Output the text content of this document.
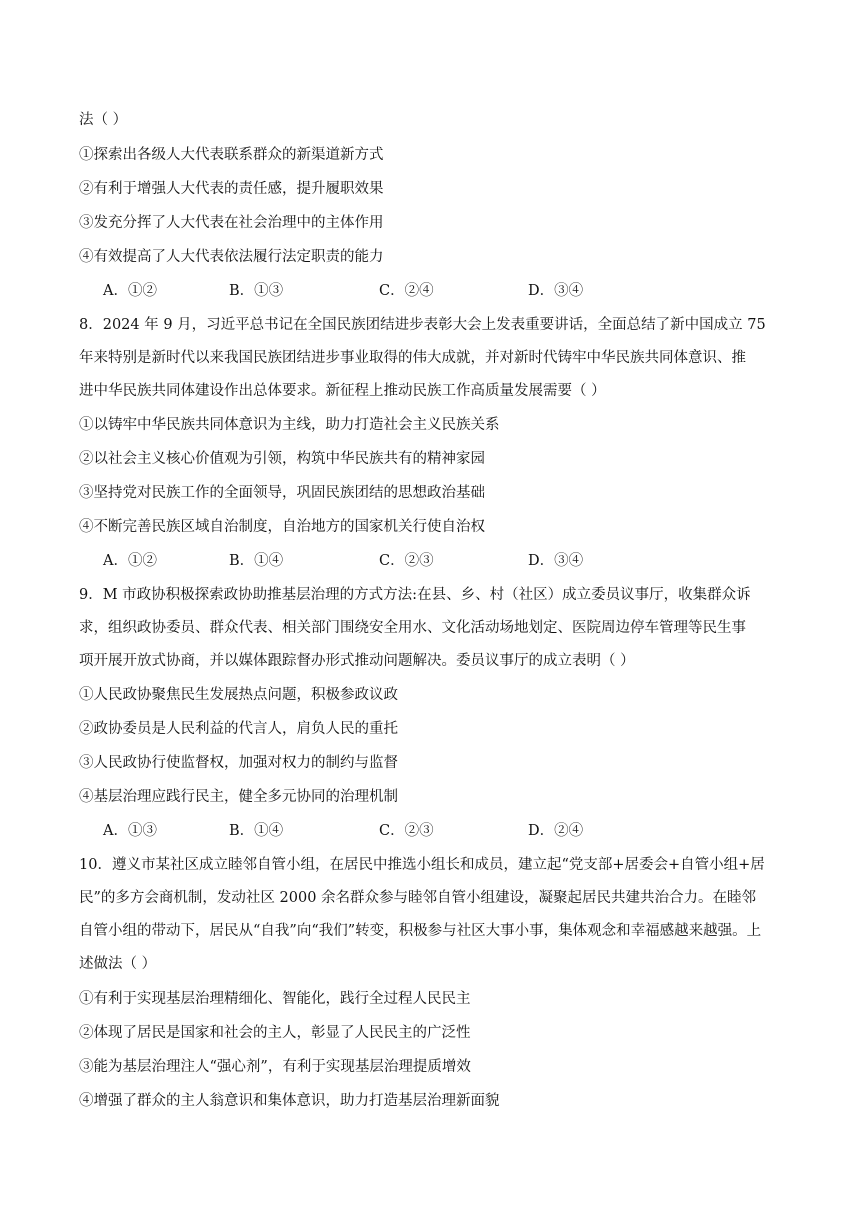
法（ ）
①探索出各级人大代表联系群众的新渠道新方式
②有利于增强人大代表的责任感，提升履职效果
③发充分挥了人大代表在社会治理中的主体作用
④有效提高了人大代表依法履行法定职责的能力
A．①②	B．①③	C．②④	D．③④
8．2024 年 9 月，习近平总书记在全国民族团结进步表彰大会上发表重要讲话，全面总结了新中国成立 75
年来特别是新时代以来我国民族团结进步事业取得的伟大成就，并对新时代铸牢中华民族共同体意识、推
进中华民族共同体建设作出总体要求。新征程上推动民族工作高质量发展需要（ ）
①以铸牢中华民族共同体意识为主线，助力打造社会主义民族关系
②以社会主义核心价值观为引领，构筑中华民族共有的精神家园
③坚持党对民族工作的全面领导，巩固民族团结的思想政治基础
④不断完善民族区域自治制度，自治地方的国家机关行使自治权
A．①②	B．①④	C．②③	D．③④
9．M 市政协积极探索政协助推基层治理的方式方法:在县、乡、村（社区）成立委员议事厅，收集群众诉
求，组织政协委员、群众代表、相关部门围绕安全用水、文化活动场地划定、医院周边停车管理等民生事
项开展开放式协商，并以媒体跟踪督办形式推动问题解决。委员议事厅的成立表明（ ）
①人民政协聚焦民生发展热点问题，积极参政议政
②政协委员是人民利益的代言人，肩负人民的重托
③人民政协行使监督权，加强对权力的制约与监督
④基层治理应践行民主，健全多元协同的治理机制
A．①③	B．①④	C．②③	D．②④
10．遵义市某社区成立睦邻自管小组，在居民中推选小组长和成员，建立起“党支部+居委会+自管小组+居
民”的多方会商机制，发动社区 2000 余名群众参与睦邻自管小组建设，凝聚起居民共建共治合力。在睦邻
自管小组的带动下，居民从“自我”向“我们”转变，积极参与社区大事小事，集体观念和幸福感越来越强。上
述做法（ ）
①有利于实现基层治理精细化、智能化，践行全过程人民民主
②体现了居民是国家和社会的主人，彰显了人民民主的广泛性
③能为基层治理注人“强心剂”，有利于实现基层治理提质增效
④增强了群众的主人翁意识和集体意识，助力打造基层治理新面貌
